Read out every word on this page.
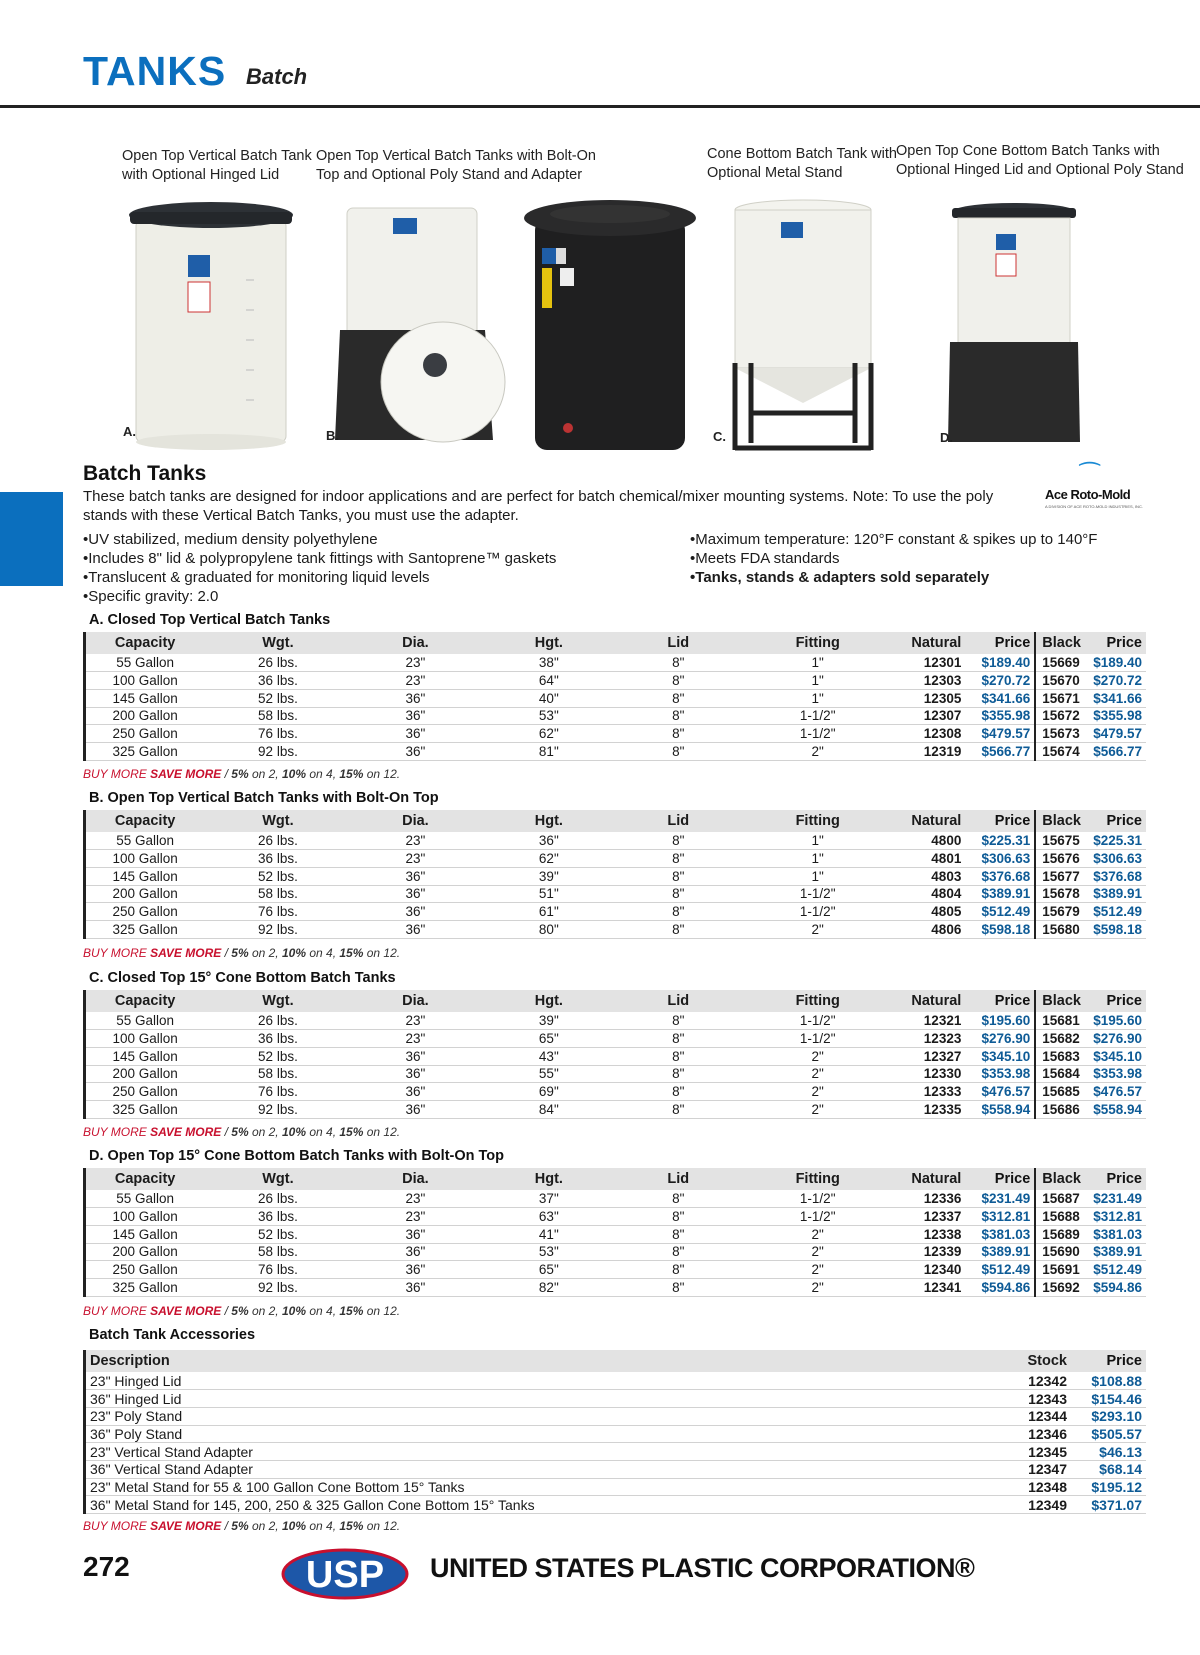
TANKS Batch
Open Top Vertical Batch Tank
with Optional Hinged Lid
Open Top Vertical Batch Tanks with Bolt-On
Top and Optional Poly Stand and Adapter
Cone Bottom Batch Tank with
Optional Metal Stand
Open Top Cone Bottom Batch Tanks with
Optional Hinged Lid and Optional Poly Stand
A.	B.	C.	D.
Batch Tanks
These batch tanks are designed for indoor applications and are perfect for batch chemical/mixer mounting systems. Note: To use the poly stands with these Vertical Batch Tanks, you must use the adapter.
⁀
Ace Roto-Mold
A DIVISION OF ACE ROTO-MOLD INDUSTRIES, INC.
• UV stabilized, medium density polyethylene
• Includes 8" lid & polypropylene tank fittings with Santoprene™ gaskets
• Translucent & graduated for monitoring liquid levels
• Specific gravity: 2.0
• Maximum temperature: 120°F constant & spikes up to 140°F
• Meets FDA standards
• Tanks, stands & adapters sold separately
A. Closed Top Vertical Batch Tanks
Capacity	Wgt.	Dia.	Hgt.	Lid	Fitting	Natural	Price	Black	Price
55 Gallon	26 lbs.	23"	38"	8"	1"	12301	$189.40	15669	$189.40
100 Gallon	36 lbs.	23"	64"	8"	1"	12303	$270.72	15670	$270.72
145 Gallon	52 lbs.	36"	40"	8"	1"	12305	$341.66	15671	$341.66
200 Gallon	58 lbs.	36"	53"	8"	1-1/2"	12307	$355.98	15672	$355.98
250 Gallon	76 lbs.	36"	62"	8"	1-1/2"	12308	$479.57	15673	$479.57
325 Gallon	92 lbs.	36"	81"	8"	2"	12319	$566.77	15674	$566.77
BUY MORE SAVE MORE / 5% on 2, 10% on 4, 15% on 12.
B. Open Top Vertical Batch Tanks with Bolt-On Top
Capacity	Wgt.	Dia.	Hgt.	Lid	Fitting	Natural	Price	Black	Price
55 Gallon	26 lbs.	23"	36"	8"	1"	4800	$225.31	15675	$225.31
100 Gallon	36 lbs.	23"	62"	8"	1"	4801	$306.63	15676	$306.63
145 Gallon	52 lbs.	36"	39"	8"	1"	4803	$376.68	15677	$376.68
200 Gallon	58 lbs.	36"	51"	8"	1-1/2"	4804	$389.91	15678	$389.91
250 Gallon	76 lbs.	36"	61"	8"	1-1/2"	4805	$512.49	15679	$512.49
325 Gallon	92 lbs.	36"	80"	8"	2"	4806	$598.18	15680	$598.18
BUY MORE SAVE MORE / 5% on 2, 10% on 4, 15% on 12.
C. Closed Top 15° Cone Bottom Batch Tanks
Capacity	Wgt.	Dia.	Hgt.	Lid	Fitting	Natural	Price	Black	Price
55 Gallon	26 lbs.	23"	39"	8"	1-1/2"	12321	$195.60	15681	$195.60
100 Gallon	36 lbs.	23"	65"	8"	1-1/2"	12323	$276.90	15682	$276.90
145 Gallon	52 lbs.	36"	43"	8"	2"	12327	$345.10	15683	$345.10
200 Gallon	58 lbs.	36"	55"	8"	2"	12330	$353.98	15684	$353.98
250 Gallon	76 lbs.	36"	69"	8"	2"	12333	$476.57	15685	$476.57
325 Gallon	92 lbs.	36"	84"	8"	2"	12335	$558.94	15686	$558.94
BUY MORE SAVE MORE / 5% on 2, 10% on 4, 15% on 12.
D. Open Top 15° Cone Bottom Batch Tanks with Bolt-On Top
Capacity	Wgt.	Dia.	Hgt.	Lid	Fitting	Natural	Price	Black	Price
55 Gallon	26 lbs.	23"	37"	8"	1-1/2"	12336	$231.49	15687	$231.49
100 Gallon	36 lbs.	23"	63"	8"	1-1/2"	12337	$312.81	15688	$312.81
145 Gallon	52 lbs.	36"	41"	8"	2"	12338	$381.03	15689	$381.03
200 Gallon	58 lbs.	36"	53"	8"	2"	12339	$389.91	15690	$389.91
250 Gallon	76 lbs.	36"	65"	8"	2"	12340	$512.49	15691	$512.49
325 Gallon	92 lbs.	36"	82"	8"	2"	12341	$594.86	15692	$594.86
BUY MORE SAVE MORE / 5% on 2, 10% on 4, 15% on 12.
Batch Tank Accessories
Description	Stock	Price
23" Hinged Lid	12342	$108.88
36" Hinged Lid	12343	$154.46
23" Poly Stand	12344	$293.10
36" Poly Stand	12346	$505.57
23" Vertical Stand Adapter	12345	$46.13
36" Vertical Stand Adapter	12347	$68.14
23" Metal Stand for 55 & 100 Gallon Cone Bottom 15° Tanks	12348	$195.12
36" Metal Stand for 145, 200, 250 & 325 Gallon Cone Bottom 15° Tanks	12349	$371.07
BUY MORE SAVE MORE / 5% on 2, 10% on 4, 15% on 12.
272	USP UNITED STATES PLASTIC CORPORATION®
